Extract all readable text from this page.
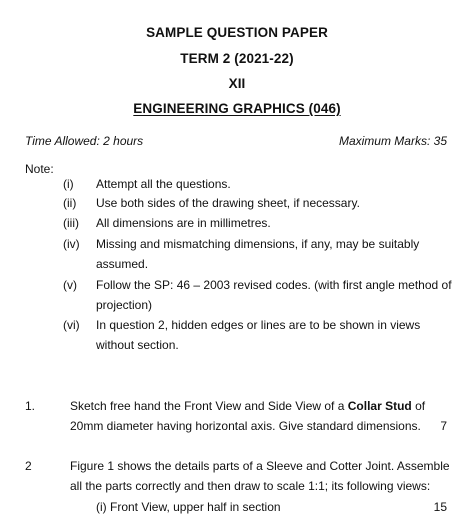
SAMPLE QUESTION PAPER
TERM 2 (2021-22)
XII
ENGINEERING GRAPHICS (046)
Time Allowed: 2 hours	Maximum Marks: 35
Note:
(i) Attempt all the questions.
(ii) Use both sides of the drawing sheet, if necessary.
(iii) All dimensions are in millimetres.
(iv) Missing and mismatching dimensions, if any, may be suitably
assumed.
(v) Follow the SP: 46 – 2003 revised codes. (with first angle method of
projection)
(vi) In question 2, hidden edges or lines are to be shown in views
without section.
1.	Sketch free hand the Front View and Side View of a Collar Stud of
20mm diameter having horizontal axis. Give standard dimensions. 7
2	Figure 1 shows the details parts of a Sleeve and Cotter Joint. Assemble
all the parts correctly and then draw to scale 1:1; its following views:
(i) Front View, upper half in section	15
